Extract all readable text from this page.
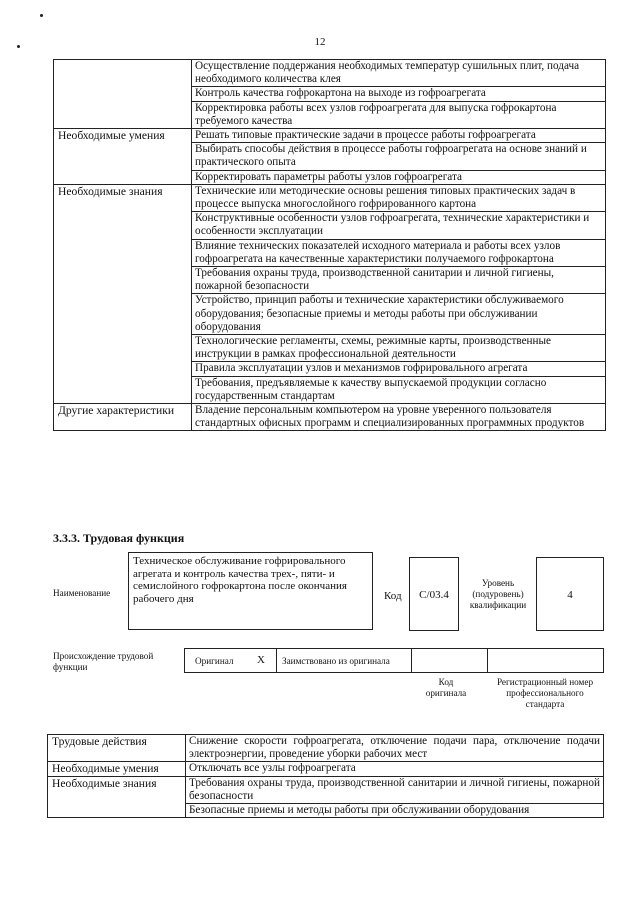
12
	Осуществление поддержания необходимых температур сушильных плит, подача необходимого количества клея
	Контроль качества гофрокартона на выходе из гофроагрегата
	Корректировка работы всех узлов гофроагрегата для выпуска гофрокартона требуемого качества
Необходимые умения	Решать типовые практические задачи в процессе работы гофроагрегата
	Выбирать способы действия в процессе работы гофроагрегата на основе знаний и практического опыта
	Корректировать параметры работы узлов гофроагрегата
Необходимые знания	Технические или методические основы решения типовых практических задач в процессе выпуска многослойного гофрированного картона
	Конструктивные особенности узлов гофроагрегата, технические характеристики и особенности эксплуатации
	Влияние технических показателей исходного материала и работы всех узлов гофроагрегата на качественные характеристики получаемого гофрокартона
	Требования охраны труда, производственной санитарии и личной гигиены, пожарной безопасности
	Устройство, принцип работы и технические характеристики обслуживаемого оборудования; безопасные приемы и методы работы при обслуживании оборудования
	Технологические регламенты, схемы, режимные карты, производственные инструкции в рамках профессиональной деятельности
	Правила эксплуатации узлов и механизмов гофрировального агрегата
	Требования, предъявляемые к качеству выпускаемой продукции согласно государственным стандартам
Другие характеристики	Владение персональным компьютером на уровне уверенного пользователя стандартных офисных программ и специализированных программных продуктов
3.3.3. Трудовая функция
Наименование
Техническое обслуживание гофрировального агрегата и контроль качества трех-, пяти- и семислойного гофрокартона после окончания рабочего дня	Код	С/03.4
Уровень (подуровень) квалификации
4
Происхождение трудовой функции
Оригинал X Заимствовано из оригинала
Код оригинала
Регистрационный номер профессионального стандарта
Трудовые действия	Снижение скорости гофроагрегата, отключение подачи пара, отключение подачи электроэнергии, проведение уборки рабочих мест
Необходимые умения	Отключать все узлы гофроагрегата
Необходимые знания	Требования охраны труда, производственной санитарии и личной гигиены, пожарной безопасности
	Безопасные приемы и методы работы при обслуживании оборудования
